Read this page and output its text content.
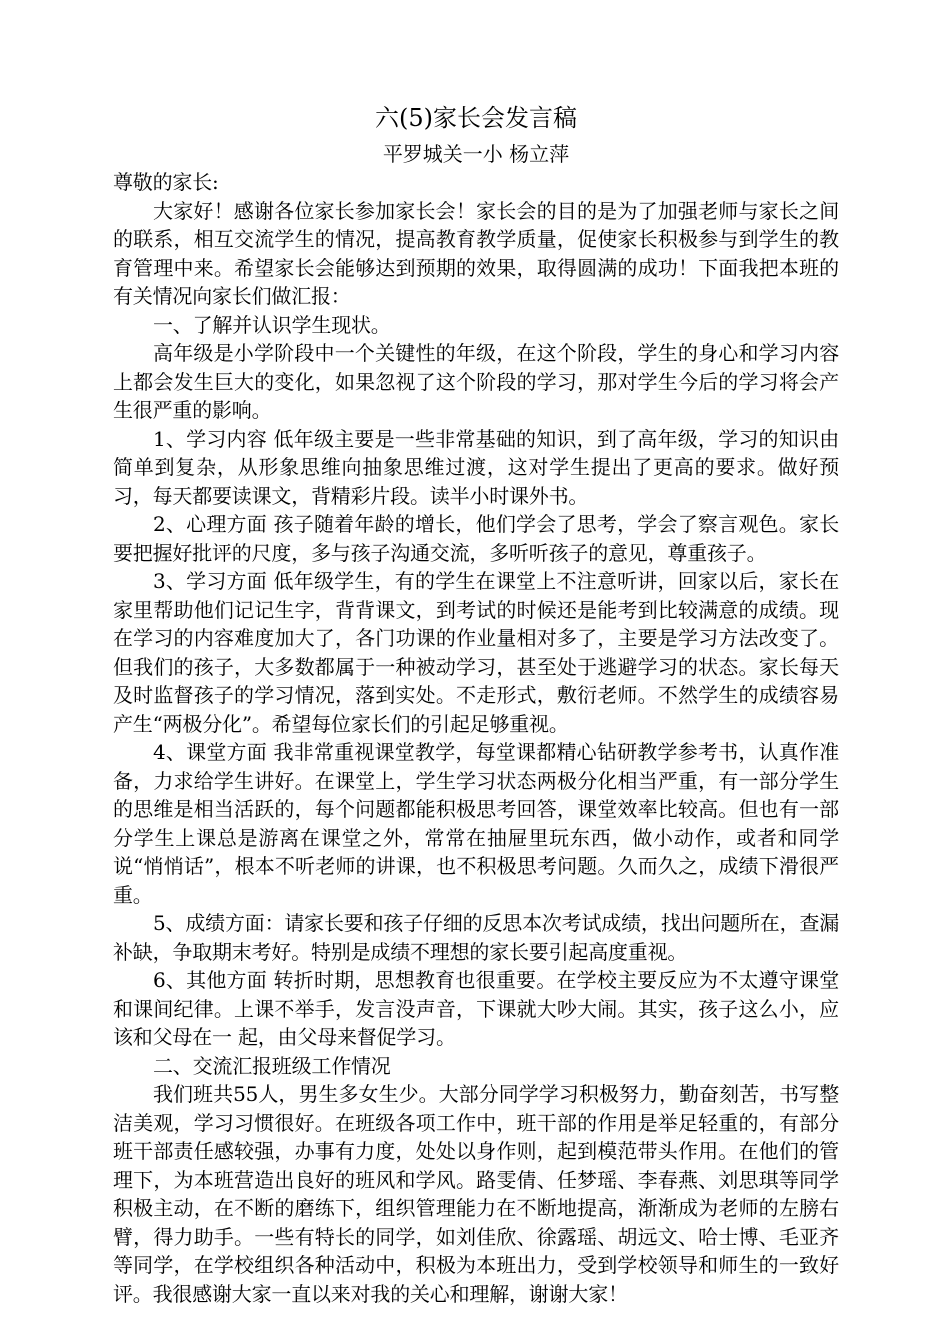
六(5)家长会发言稿

平罗城关一小 杨立萍

尊敬的家长:

大家好！感谢各位家长参加家长会！家长会的目的是为了加强老师与家长之间的联系，相互交流学生的情况，提高教育教学质量，促使家长积极参与到学生的教育管理中来。希望家长会能够达到预期的效果，取得圆满的成功！下面我把本班的有关情况向家长们做汇报：

一、了解并认识学生现状。

高年级是小学阶段中一个关键性的年级，在这个阶段，学生的身心和学习内容上都会发生巨大的变化，如果忽视了这个阶段的学习，那对学生今后的学习将会产生很严重的影响。

1、学习内容 低年级主要是一些非常基础的知识，到了高年级，学习的知识由简单到复杂，从形象思维向抽象思维过渡，这对学生提出了更高的要求。做好预习，每天都要读课文，背精彩片段。读半小时课外书。

2、心理方面 孩子随着年龄的增长，他们学会了思考，学会了察言观色。家长要把握好批评的尺度，多与孩子沟通交流，多听听孩子的意见，尊重孩子。

3、学习方面 低年级学生，有的学生在课堂上不注意听讲，回家以后，家长在家里帮助他们记记生字，背背课文，到考试的时候还是能考到比较满意的成绩。现在学习的内容难度加大了，各门功课的作业量相对多了，主要是学习方法改变了。但我们的孩子，大多数都属于一种被动学习，甚至处于逃避学习的状态。家长每天及时监督孩子的学习情况，落到实处。不走形式，敷衍老师。不然学生的成绩容易产生“两极分化”。希望每位家长们的引起足够重视。

4、课堂方面 我非常重视课堂教学，每堂课都精心钻研教学参考书，认真作准备，力求给学生讲好。在课堂上，学生学习状态两极分化相当严重，有一部分学生的思维是相当活跃的，每个问题都能积极思考回答，课堂效率比较高。但也有一部分学生上课总是游离在课堂之外，常常在抽屉里玩东西，做小动作，或者和同学说“悄悄话”，根本不听老师的讲课，也不积极思考问题。久而久之，成绩下滑很严重。

5、成绩方面：请家长要和孩子仔细的反思本次考试成绩，找出问题所在，查漏补缺，争取期末考好。特别是成绩不理想的家长要引起高度重视。

6、其他方面 转折时期，思想教育也很重要。在学校主要反应为不太遵守课堂和课间纪律。上课不举手，发言没声音，下课就大吵大闹。其实，孩子这么小，应该和父母在一 起，由父母来督促学习。

二、交流汇报班级工作情况

我们班共55人，男生多女生少。大部分同学学习积极努力，勤奋刻苦，书写整洁美观，学习习惯很好。在班级各项工作中，班干部的作用是举足轻重的，有部分班干部责任感较强，办事有力度，处处以身作则，起到模范带头作用。在他们的管理下，为本班营造出良好的班风和学风。路雯倩、任梦瑶、李春燕、刘思琪等同学积极主动，在不断的磨练下，组织管理能力在不断地提高，渐渐成为老师的左膀右臂，得力助手。一些有特长的同学，如刘佳欣、徐露瑶、胡远文、哈士博、毛亚齐等同学，在学校组织各种活动中，积极为本班出力，受到学校领导和师生的一致好评。我很感谢大家一直以来对我的关心和理解，谢谢大家！
